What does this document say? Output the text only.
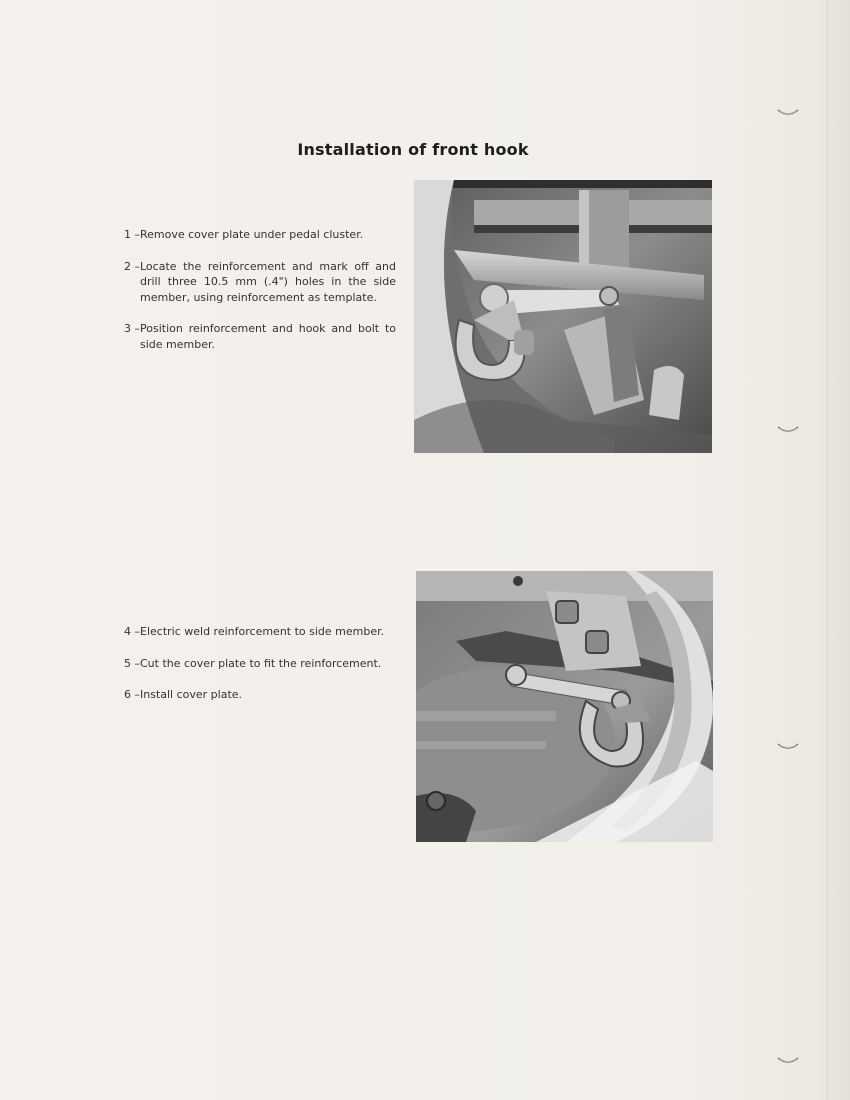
Installation of front hook
1 – Remove cover plate under pedal cluster.
2 – Locate the reinforcement and mark off and drill three 10.5 mm (.4") holes in the side member, using reinforcement as template.
3 – Position reinforcement and hook and bolt to side member.
4 – Electric weld reinforcement to side member.
5 – Cut the cover plate to fit the reinforcement.
6 – Install cover plate.
